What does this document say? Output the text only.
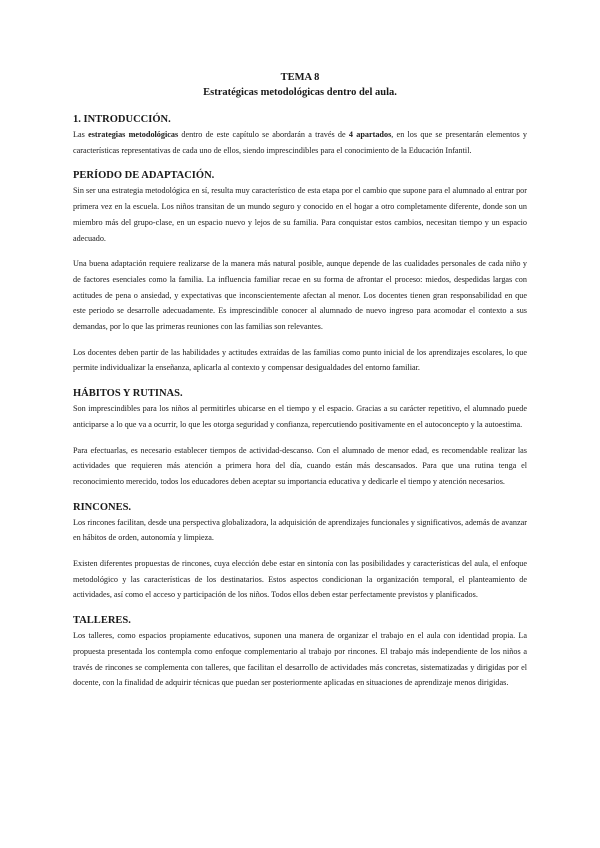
TEMA 8

Estratégicas metodológicas dentro del aula.

1. INTRODUCCIÓN.

Las estrategias metodológicas dentro de este capítulo se abordarán a través de 4 apartados, en los que se presentarán elementos y características representativas de cada uno de ellos, siendo imprescindibles para el conocimiento de la Educación Infantil.

PERÍODO DE ADAPTACIÓN.

Sin ser una estrategia metodológica en sí, resulta muy característico de esta etapa por el cambio que supone para el alumnado al entrar por primera vez en la escuela. Los niños transitan de un mundo seguro y conocido en el hogar a otro completamente diferente, donde son un miembro más del grupo-clase, en un espacio nuevo y lejos de su familia. Para conquistar estos cambios, necesitan tiempo y un espacio adecuado.

Una buena adaptación requiere realizarse de la manera más natural posible, aunque depende de las cualidades personales de cada niño y de factores esenciales como la familia. La influencia familiar recae en su forma de afrontar el proceso: miedos, despedidas largas con actitudes de pena o ansiedad, y expectativas que inconscientemente afectan al menor. Los docentes tienen gran responsabilidad en que este periodo se desarrolle adecuadamente. Es imprescindible conocer al alumnado de nuevo ingreso para acomodar el contexto a sus demandas, por lo que las primeras reuniones con las familias son relevantes.

Los docentes deben partir de las habilidades y actitudes extraídas de las familias como punto inicial de los aprendizajes escolares, lo que permite individualizar la enseñanza, aplicarla al contexto y compensar desigualdades del entorno familiar.

HÁBITOS Y RUTINAS.

Son imprescindibles para los niños al permitirles ubicarse en el tiempo y el espacio. Gracias a su carácter repetitivo, el alumnado puede anticiparse a lo que va a ocurrir, lo que les otorga seguridad y confianza, repercutiendo positivamente en el autoconcepto y la autoestima.

Para efectuarlas, es necesario establecer tiempos de actividad-descanso. Con el alumnado de menor edad, es recomendable realizar las actividades que requieren más atención a primera hora del día, cuando están más descansados. Para que una rutina tenga el reconocimiento merecido, todos los educadores deben aceptar su importancia educativa y dedicarle el tiempo y atención necesarios.

RINCONES.

Los rincones facilitan, desde una perspectiva globalizadora, la adquisición de aprendizajes funcionales y significativos, además de avanzar en hábitos de orden, autonomía y limpieza.

Existen diferentes propuestas de rincones, cuya elección debe estar en sintonía con las posibilidades y características del aula, el enfoque metodológico y las características de los destinatarios. Estos aspectos condicionan la organización temporal, el planteamiento de actividades, así como el acceso y participación de los niños. Todos ellos deben estar perfectamente previstos y planificados.

TALLERES.

Los talleres, como espacios propiamente educativos, suponen una manera de organizar el trabajo en el aula con identidad propia. La propuesta presentada los contempla como enfoque complementario al trabajo por rincones. El trabajo más independiente de los niños a través de rincones se complementa con talleres, que facilitan el desarrollo de actividades más concretas, sistematizadas y dirigidas por el docente, con la finalidad de adquirir técnicas que puedan ser posteriormente aplicadas en situaciones de aprendizaje menos dirigidas.
